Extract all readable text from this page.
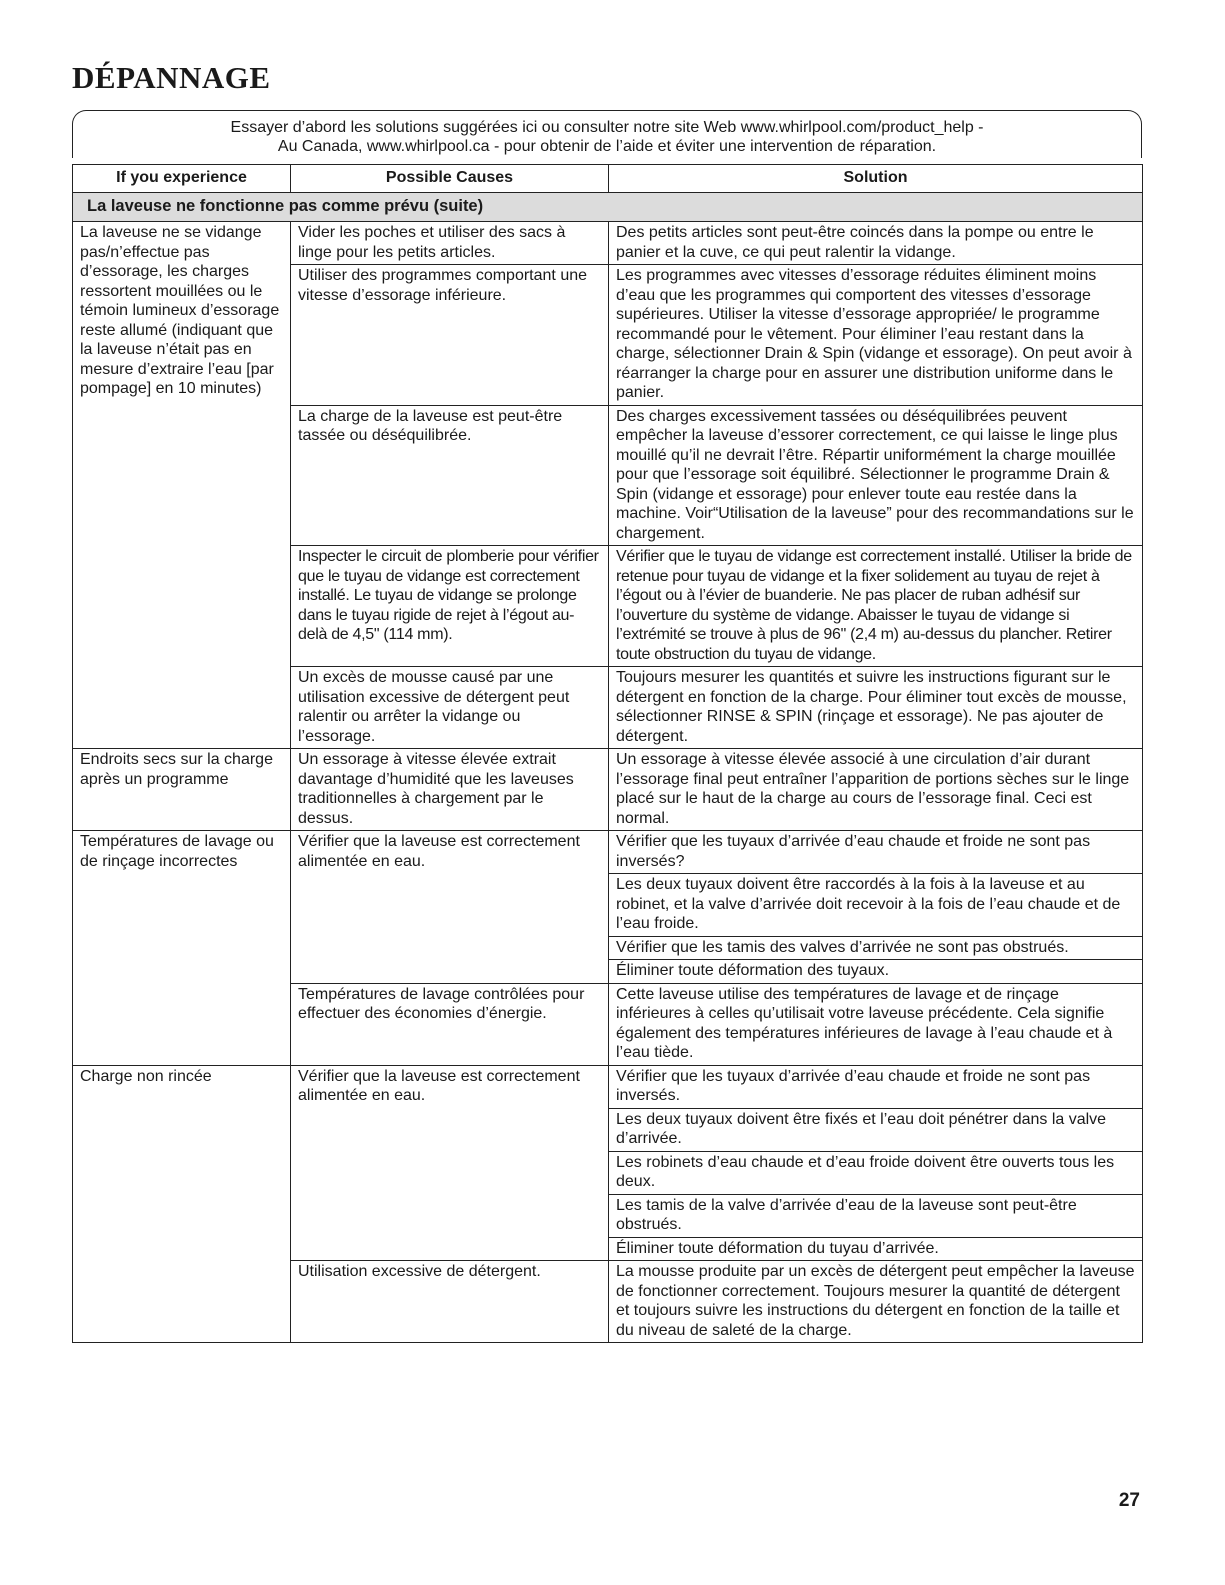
DÉPANNAGE
Essayer d’abord les solutions suggérées ici ou consulter notre site Web www.whirlpool.com/product_help -
Au Canada, www.whirlpool.ca - pour obtenir de l’aide et éviter une intervention de réparation.
If you experience	Possible Causes	Solution
La laveuse ne fonctionne pas comme prévu (suite)		
La laveuse ne se vidange pas/n’effectue pas d’essorage, les charges ressortent mouillées ou le témoin lumineux d’essorage reste allumé (indiquant que la laveuse n’était pas en mesure d’extraire l’eau [par pompage] en 10 minutes)	Vider les poches et utiliser des sacs à linge pour les petits articles.	Des petits articles sont peut-être coincés dans la pompe ou entre le panier et la cuve, ce qui peut ralentir la vidange.
	Utiliser des programmes comportant une vitesse d’essorage inférieure.	Les programmes avec vitesses d’essorage réduites éliminent moins d’eau que les programmes qui comportent des vitesses d’essorage supérieures. Utiliser la vitesse d’essorage appropriée/ le programme recommandé pour le vêtement. Pour éliminer l’eau restant dans la charge, sélectionner Drain & Spin (vidange et essorage). On peut avoir à réarranger la charge pour en assurer une distribution uniforme dans le panier.
	La charge de la laveuse est peut-être tassée ou déséquilibrée.	Des charges excessivement tassées ou déséquilibrées peuvent empêcher la laveuse d’essorer correctement, ce qui laisse le linge plus mouillé qu’il ne devrait l’être. Répartir uniformément la charge mouillée pour que l’essorage soit équilibré. Sélectionner le programme Drain & Spin (vidange et essorage) pour enlever toute eau restée dans la machine. Voir“Utilisation de la laveuse” pour des recommandations sur le chargement.
	Inspecter le circuit de plomberie pour vérifier que le tuyau de vidange est correctement installé. Le tuyau de vidange se prolonge dans le tuyau rigide de rejet à l’égout au-delà de 4,5" (114 mm).	Vérifier que le tuyau de vidange est correctement installé. Utiliser la bride de retenue pour tuyau de vidange et la fixer solidement au tuyau de rejet à l’égout ou à l’évier de buanderie. Ne pas placer de ruban adhésif sur l’ouverture du système de vidange. Abaisser le tuyau de vidange si l’extrémité se trouve à plus de 96" (2,4 m) au-dessus du plancher. Retirer toute obstruction du tuyau de vidange.
	Un excès de mousse causé par une utilisation excessive de détergent peut ralentir ou arrêter la vidange ou l’essorage.	Toujours mesurer les quantités et suivre les instructions figurant sur le détergent en fonction de la charge. Pour éliminer tout excès de mousse, sélectionner RINSE & SPIN (rinçage et essorage). Ne pas ajouter de détergent.
Endroits secs sur la charge après un programme	Un essorage à vitesse élevée extrait davantage d’humidité que les laveuses traditionnelles à chargement par le dessus.	Un essorage à vitesse élevée associé à une circulation d’air durant l’essorage final peut entraîner l’apparition de portions sèches sur le linge placé sur le haut de la charge au cours de l’essorage final. Ceci est normal.
Températures de lavage ou de rinçage incorrectes	Vérifier que la laveuse est correctement alimentée en eau.	Vérifier que les tuyaux d’arrivée d’eau chaude et froide ne sont pas inversés?
		Les deux tuyaux doivent être raccordés à la fois à la laveuse et au robinet, et la valve d’arrivée doit recevoir à la fois de l’eau chaude et de l’eau froide.
		Vérifier que les tamis des valves d’arrivée ne sont pas obstrués.
		Éliminer toute déformation des tuyaux.
	Températures de lavage contrôlées pour effectuer des économies d’énergie.	Cette laveuse utilise des températures de lavage et de rinçage inférieures à celles qu’utilisait votre laveuse précédente. Cela signifie également des températures inférieures de lavage à l’eau chaude et à l’eau tiède.
Charge non rincée	Vérifier que la laveuse est correctement alimentée en eau.	Vérifier que les tuyaux d’arrivée d’eau chaude et froide ne sont pas inversés.
		Les deux tuyaux doivent être fixés et l’eau doit pénétrer dans la valve d’arrivée.
		Les robinets d’eau chaude et d’eau froide doivent être ouverts tous les deux.
		Les tamis de la valve d’arrivée d’eau de la laveuse sont peut-être obstrués.
		Éliminer toute déformation du tuyau d’arrivée.
	Utilisation excessive de détergent.	La mousse produite par un excès de détergent peut empêcher la laveuse de fonctionner correctement. Toujours mesurer la quantité de détergent et toujours suivre les instructions du détergent en fonction de la taille et du niveau de saleté de la charge.
27
